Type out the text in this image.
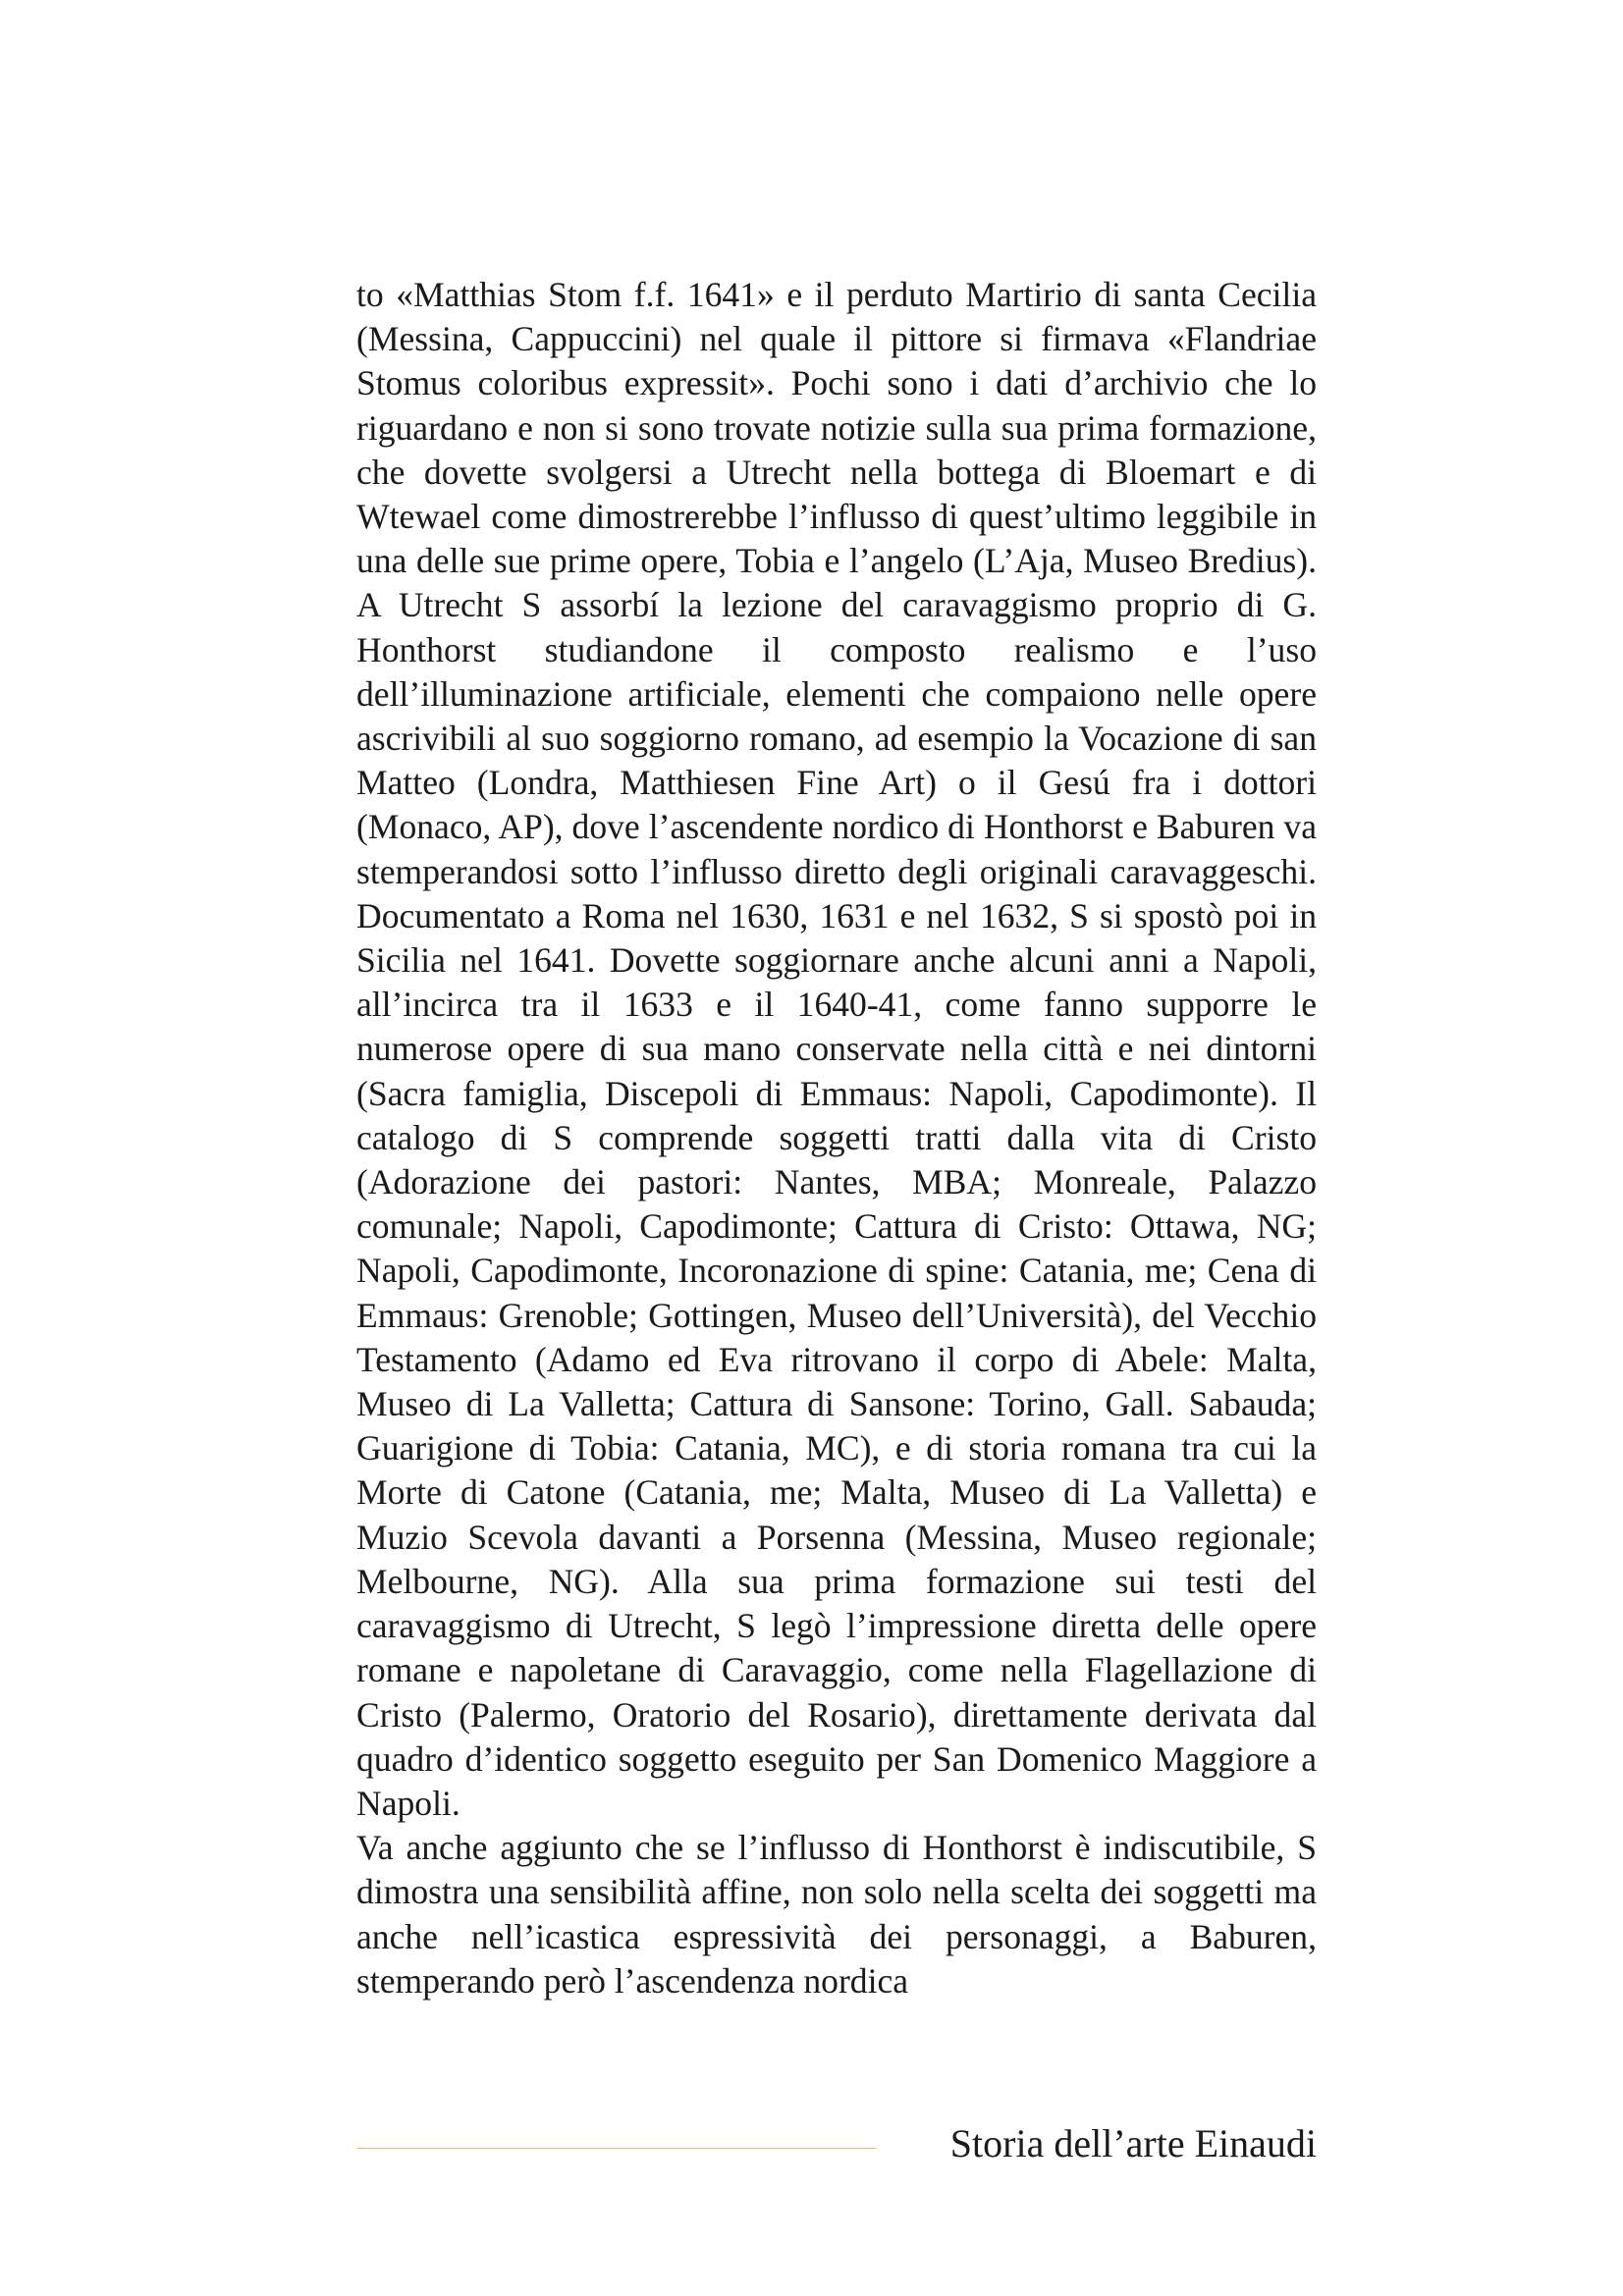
to «Matthias Stom f.f. 1641» e il perduto Martirio di santa Cecilia (Messina, Cappuccini) nel quale il pittore si firmava «Flandriae Stomus coloribus expressit». Pochi sono i dati d’archivio che lo riguardano e non si sono trovate notizie sulla sua prima formazione, che dovette svolgersi a Utrecht nella bottega di Bloemart e di Wtewael come dimostrerebbe l’influsso di quest’ultimo leggibile in una delle sue prime opere, Tobia e l’angelo (L’Aja, Museo Bredius). A Utrecht S assorbí la lezione del caravaggismo proprio di G. Honthorst studiandone il composto realismo e l’uso dell’illuminazione artificiale, elementi che compaiono nelle opere ascrivibili al suo soggiorno romano, ad esempio la Vocazione di san Matteo (Londra, Matthiesen Fine Art) o il Gesú fra i dottori (Monaco, AP), dove l’ascendente nordico di Honthorst e Baburen va stemperandosi sotto l’influsso diretto degli originali caravaggeschi. Documentato a Roma nel 1630, 1631 e nel 1632, S si spostò poi in Sicilia nel 1641. Dovette soggiornare anche alcuni anni a Napoli, all’incirca tra il 1633 e il 1640-41, come fanno supporre le numerose opere di sua mano conservate nella città e nei dintorni (Sacra famiglia, Discepoli di Emmaus: Napoli, Capodimonte). Il catalogo di S comprende soggetti tratti dalla vita di Cristo (Adorazione dei pastori: Nantes, MBA; Monreale, Palazzo comunale; Napoli, Capodimonte; Cattura di Cristo: Ottawa, NG; Napoli, Capodimonte, Incoronazione di spine: Catania, me; Cena di Emmaus: Grenoble; Gottingen, Museo dell’Università), del Vecchio Testamento (Adamo ed Eva ritrovano il corpo di Abele: Malta, Museo di La Valletta; Cattura di Sansone: Torino, Gall. Sabauda; Guarigione di Tobia: Catania, MC), e di storia romana tra cui la Morte di Catone (Catania, me; Malta, Museo di La Valletta) e Muzio Scevola davanti a Porsenna (Messina, Museo regionale; Melbourne, NG). Alla sua prima formazione sui testi del caravaggismo di Utrecht, S legò l’impressione diretta delle opere romane e napoletane di Caravaggio, come nella Flagellazione di Cristo (Palermo, Oratorio del Rosario), direttamente derivata dal quadro d’identico soggetto eseguito per San Domenico Maggiore a Napoli.

Va anche aggiunto che se l’influsso di Honthorst è indiscutibile, S dimostra una sensibilità affine, non solo nella scelta dei soggetti ma anche nell’icastica espressività dei personaggi, a Baburen, stemperando però l’ascendenza nordica

Storia dell’arte Einaudi
